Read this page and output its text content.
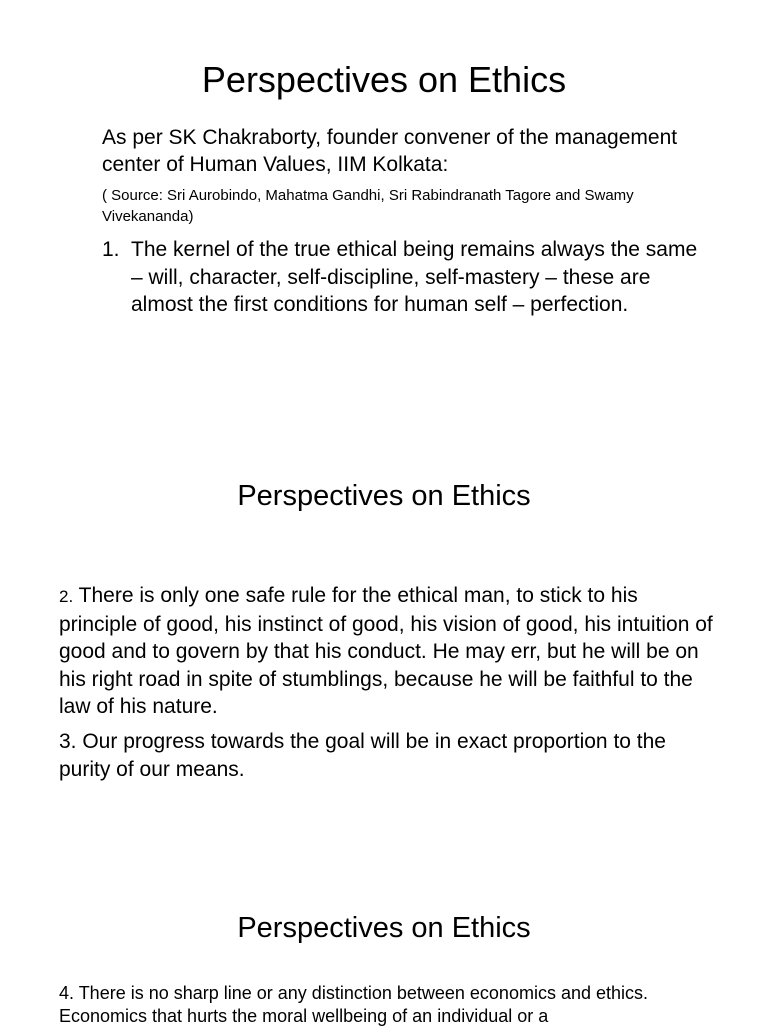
Perspectives on Ethics

As per SK Chakraborty, founder convener of the management center of Human Values, IIM Kolkata:

( Source: Sri Aurobindo, Mahatma Gandhi, Sri Rabindranath Tagore and Swamy Vivekananda)

1. The kernel of the true ethical being remains always the same – will, character, self-discipline, self-mastery – these are almost the first conditions for human self – perfection.
Perspectives on Ethics

2. There is only one safe rule for the ethical man, to stick to his principle of good, his instinct of good, his vision of good, his intuition of good and to govern by that his conduct. He may err, but he will be on his right road in spite of stumblings, because he will be faithful to the law of his nature.

3. Our progress towards the goal will be in exact proportion to the purity of our means.

Perspectives on Ethics

4. There is no sharp line or any distinction between economics and ethics. Economics that hurts the moral wellbeing of an individual or a
